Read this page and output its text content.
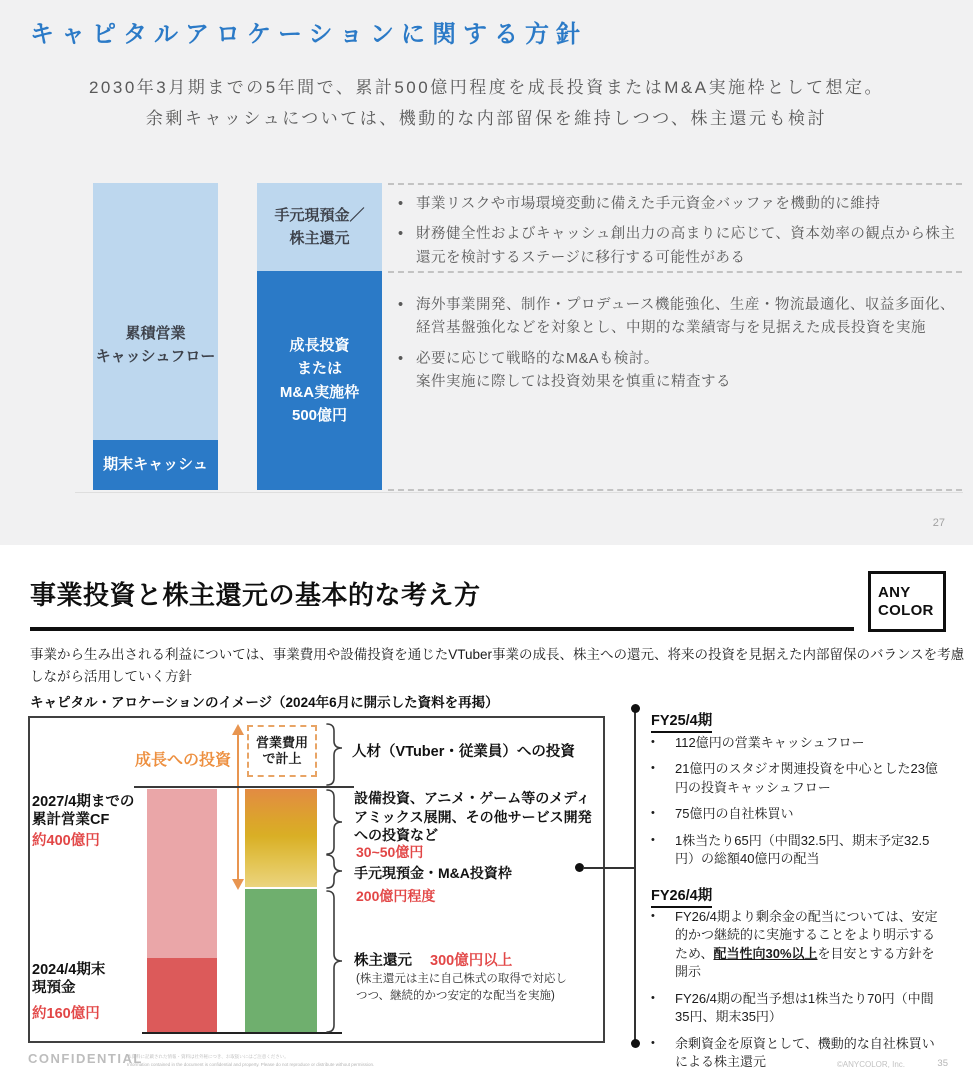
キャピタルアロケーションに関する方針
2030年3月期までの5年間で、累計500億円程度を成長投資またはM&A実施枠として想定。
余剰キャッシュについては、機動的な内部留保を維持しつつ、株主還元も検討
累積営業
キャッシュフロー
期末キャッシュ
手元現預金／
株主還元
成長投資
または
M&A実施枠
500億円
• 事業リスクや市場環境変動に備えた手元資金バッファを機動的に維持
• 財務健全性およびキャッシュ創出力の高まりに応じて、資本効率の観点から株主還元を検討するステージに移行する可能性がある
• 海外事業開発、制作・プロデュース機能強化、生産・物流最適化、収益多面化、経営基盤強化などを対象とし、中期的な業績寄与を見据えた成長投資を実施
• 必要に応じて戦略的なM&Aも検討。
案件実施に際しては投資効果を慎重に精査する
27
事業投資と株主還元の基本的な考え方	ANY
COLOR

事業から生み出される利益については、事業費用や設備投資を通じたVTuber事業の成長、株主への還元、将来の投資を見据えた内部留保のバランスを考慮しながら活用していく方針

キャピタル・アロケーションのイメージ（2024年6月に開示した資料を再掲）
成長への投資
営業費用
で計上
2027/4期までの
累計営業CF
約400億円
2024/4期末
現預金
約160億円
人材（VTuber・従業員）への投資
設備投資、アニメ・ゲーム等のメディアミックス展開、その他サービス開発への投資など
30~50億円
手元現預金・M&A投資枠
200億円程度
株主還元 300億円以上
(株主還元は主に自己株式の取得で対応しつつ、継続的かつ安定的な配当を実施)
FY25/4期
•	112億円の営業キャッシュフロー
•	21億円のスタジオ関連投資を中心とした23億円の投資キャッシュフロー
•	75億円の自社株買い
•	1株当たり65円（中間32.5円、期末予定32.5円）の総額40億円の配当
FY26/4期
•	FY26/4期より剰余金の配当については、安定的かつ継続的に実施することをより明示するため、配当性向30%以上を目安とする方針を開示
•	FY26/4期の配当予想は1株当たり70円（中間35円、期末35円）
•	余剰資金を原資として、機動的な自社株買いによる株主還元
CONFIDENTIAL
本資料に記載された情報・資料は社外秘につき、お取扱いにはご注意ください。
Information contained in the document is confidential and property. Please do not reproduce or distribute without permission.	©ANYCOLOR, Inc.	35
